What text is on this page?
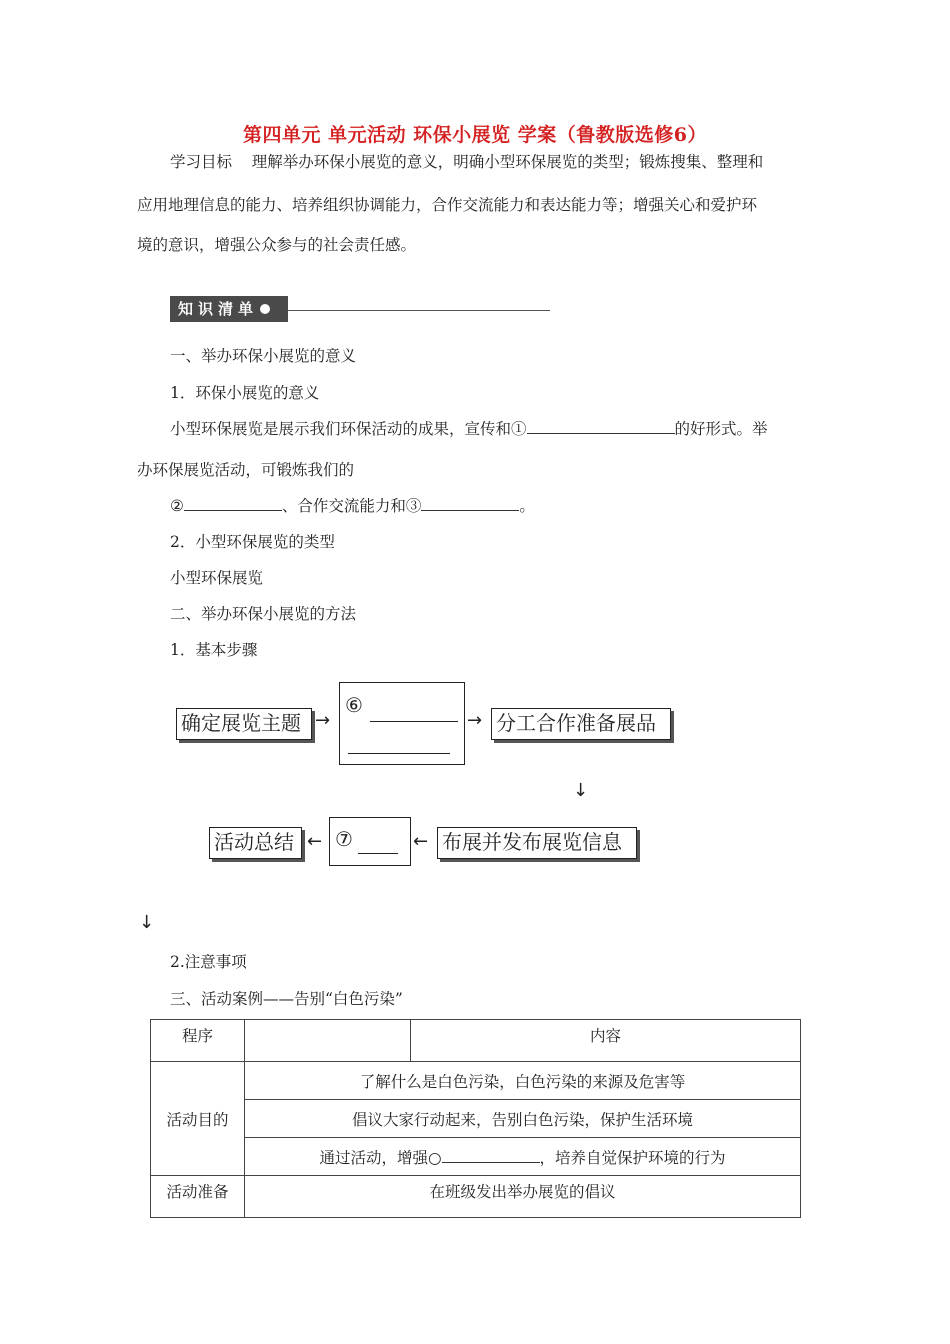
第四单元 单元活动 环保小展览 学案（鲁教版选修6）
学习目标 理解举办环保小展览的意义，明确小型环保展览的类型；锻炼搜集、整理和
应用地理信息的能力、培养组织协调能力，合作交流能力和表达能力等；增强关心和爱护环
境的意识，增强公众参与的社会责任感。
知识清单
一、举办环保小展览的意义
1．环保小展览的意义
小型环保展览是展示我们环保活动的成果，宣传和①	的好形式。举
办环保展览活动，可锻炼我们的
②	、合作交流能力和③	。
2．小型环保展览的类型
小型环保展览
二、举办环保小展览的方法
1．基本步骤
确定展览主题 →
⑥
→ 分工合作准备展品
↓
布展并发布展览信息
←
⑦
←
活动总结
↓
2.注意事项
三、活动案例——告别“白色污染”
程序		内容
活动目的	了解什么是白色污染，白色污染的来源及危害等	
	倡议大家行动起来，告别白色污染，保护生活环境	
	通过活动，增强○ ，培养自觉保护环境的行为	
活动准备	在班级发出举办展览的倡议	
